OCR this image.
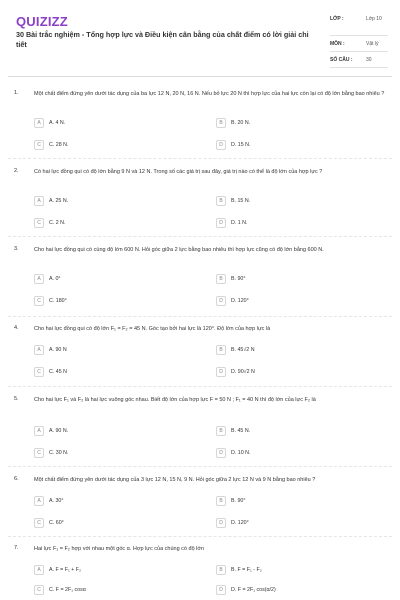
QUIZIZZ
30 Bài trắc nghiệm - Tổng hợp lực và Điều kiện cân bằng của chất điểm có lời giải chi tiết
LỚP :	Lớp 10
MÔN :	Vật lý
SỐ CÂU :	30
1.	Một chất điểm đứng yên dưới tác dụng của ba lực 12 N, 20 N, 16 N. Nếu bỏ lực 20 N thì hợp lực của hai lực còn lại có độ lớn bằng bao nhiêu ?
A	A. 4 N.	B	B. 20 N.
C	C. 28 N.	D	D. 15 N.
2.	Có hai lực đồng qui có độ lớn bằng 9 N và 12 N. Trong số các giá trị sau đây, giá trị nào có thể là độ lớn của hợp lực ?
A	A. 25 N.	B	B. 15 N.
C	C. 2 N.	D	D. 1 N.
3.	Cho hai lực đồng qui có cùng độ lớn 600 N. Hỏi góc giữa 2 lực bằng bao nhiêu thì hợp lực cũng có độ lớn bằng 600 N.
A	A. 0°	B	B. 90°
C	C. 180°	D	D. 120°
4.	Cho hai lực đồng qui có độ lớn F₁ = F₂ = 45 N. Góc tạo bởi hai lực là 120°. Độ lớn của hợp lực là
A	A. 90 N	B	B. 45√2 N
C	C. 45 N	D	D. 90√2 N
5.	Cho hai lực F₁ và F₂ là hai lực vuông góc nhau. Biết độ lớn của hợp lực F = 50 N ; F₁ = 40 N thì độ lớn của lực F₂ là
A	A. 90 N.	B	B. 45 N.
C	C. 30 N.	D	D. 10 N.
6.	Một chất điểm đứng yên dưới tác dụng của 3 lực 12 N, 15 N, 9 N. Hỏi góc giữa 2 lực 12 N và 9 N bằng bao nhiêu ?
A	A. 30°	B	B. 90°
C	C. 60°	D	D. 120°
7.	Hai lực F₁ = F₂ hợp với nhau một góc α. Hợp lực của chúng có độ lớn
A	A. F = F₁ + F₂	B	B. F = F₁ - F₂
C	C. F = 2F₁ cosα	D	D. F = 2F₁ cos(α/2)
